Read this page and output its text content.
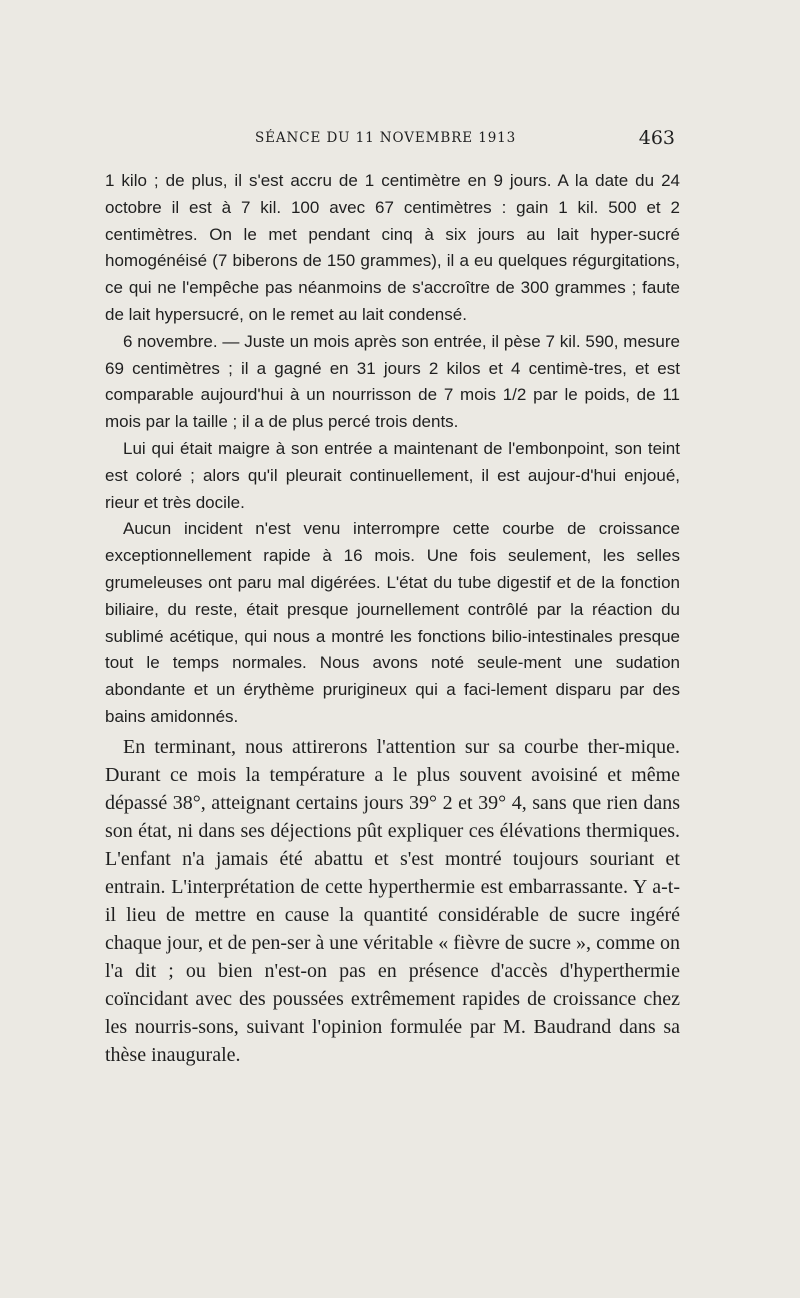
SÉANCE DU 11 NOVEMBRE 1913	463

1 kilo ; de plus, il s'est accru de 1 centimètre en 9 jours. A la date du 24 octobre il est à 7 kil. 100 avec 67 centimètres : gain 1 kil. 500 et 2 centimètres. On le met pendant cinq à six jours au lait hyper-sucré homogénéisé (7 biberons de 150 grammes), il a eu quelques régurgitations, ce qui ne l'empêche pas néanmoins de s'accroître de 300 grammes ; faute de lait hypersucré, on le remet au lait condensé.

6 novembre. — Juste un mois après son entrée, il pèse 7 kil. 590, mesure 69 centimètres ; il a gagné en 31 jours 2 kilos et 4 centimè-tres, et est comparable aujourd'hui à un nourrisson de 7 mois 1/2 par le poids, de 11 mois par la taille ; il a de plus percé trois dents.

Lui qui était maigre à son entrée a maintenant de l'embonpoint, son teint est coloré ; alors qu'il pleurait continuellement, il est aujour-d'hui enjoué, rieur et très docile.

Aucun incident n'est venu interrompre cette courbe de croissance exceptionnellement rapide à 16 mois. Une fois seulement, les selles grumeleuses ont paru mal digérées. L'état du tube digestif et de la fonction biliaire, du reste, était presque journellement contrôlé par la réaction du sublimé acétique, qui nous a montré les fonctions bilio-intestinales presque tout le temps normales. Nous avons noté seule-ment une sudation abondante et un érythème prurigineux qui a faci-lement disparu par des bains amidonnés.

En terminant, nous attirerons l'attention sur sa courbe ther-mique. Durant ce mois la température a le plus souvent avoisiné et même dépassé 38°, atteignant certains jours 39° 2 et 39° 4, sans que rien dans son état, ni dans ses déjections pût expliquer ces élévations thermiques. L'enfant n'a jamais été abattu et s'est montré toujours souriant et entrain. L'interprétation de cette hyperthermie est embarrassante. Y a-t-il lieu de mettre en cause la quantité considérable de sucre ingéré chaque jour, et de pen-ser à une véritable « fièvre de sucre », comme on l'a dit ; ou bien n'est-on pas en présence d'accès d'hyperthermie coïncidant avec des poussées extrêmement rapides de croissance chez les nourris-sons, suivant l'opinion formulée par M. Baudrand dans sa thèse inaugurale.
